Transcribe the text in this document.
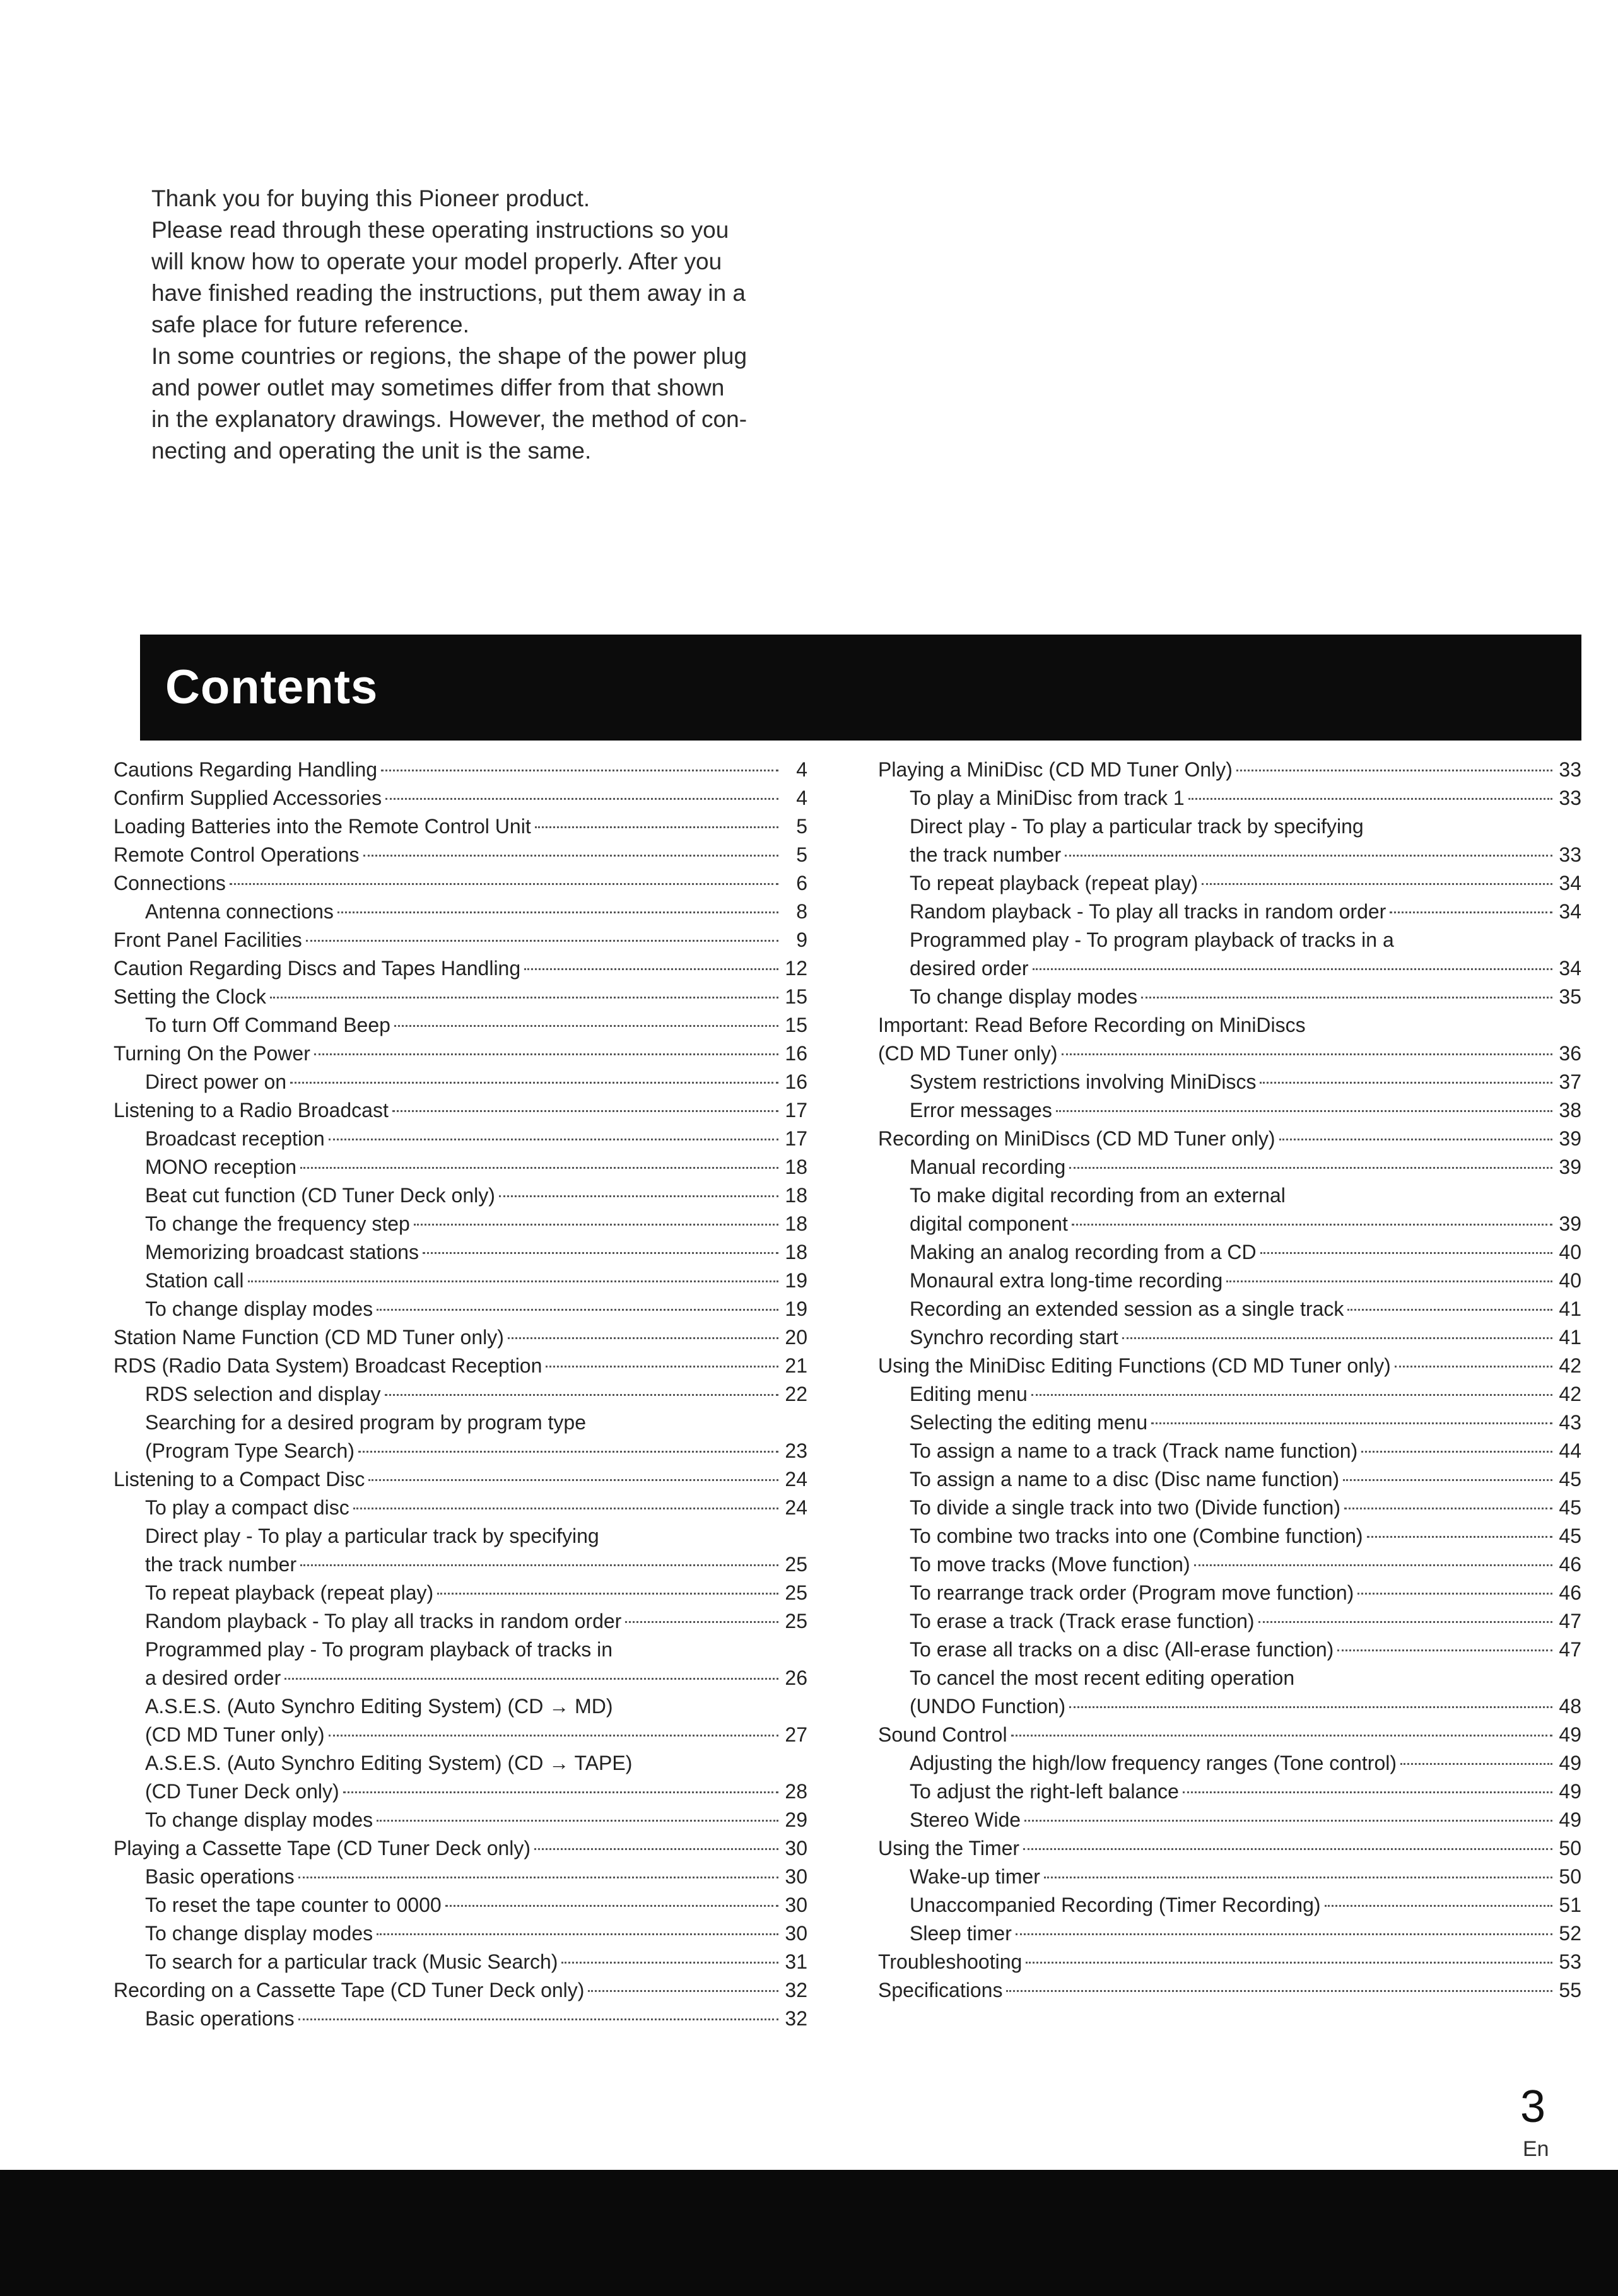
Thank you for buying this Pioneer product.

Please read through these operating instructions so you

will know how to operate your model properly. After you

have finished reading the instructions, put them away in a

safe place for future reference.

In some countries or regions, the shape of the power plug

and power outlet may sometimes differ from that shown

in the explanatory drawings. However, the method of con-

necting and operating the unit is the same.

Contents
Cautions Regarding Handling	4
Confirm Supplied Accessories	4
Loading Batteries into the Remote Control Unit	5
Remote Control Operations	5
Connections	6
Antenna connections	8
Front Panel Facilities	9
Caution Regarding Discs and Tapes Handling	12
Setting the Clock	15
To turn Off Command Beep	15
Turning On the Power	16
Direct power on	16
Listening to a Radio Broadcast	17
Broadcast reception	17
MONO reception	18
Beat cut function (CD Tuner Deck only)	18
To change the frequency step	18
Memorizing broadcast stations	18
Station call	19
To change display modes	19
Station Name Function (CD MD Tuner only)	20
RDS (Radio Data System) Broadcast Reception	21
RDS selection and display	22
Searching for a desired program by program type
(Program Type Search)	23
Listening to a Compact Disc	24
To play a compact disc	24
Direct play - To play a particular track by specifying
the track number	25
To repeat playback (repeat play)	25
Random playback - To play all tracks in random order	25
Programmed play - To program playback of tracks in
a desired order	26
A.S.E.S. (Auto Synchro Editing System) (CD → MD)
(CD MD Tuner only)	27
A.S.E.S. (Auto Synchro Editing System) (CD → TAPE)
(CD Tuner Deck only)	28
To change display modes	29
Playing a Cassette Tape (CD Tuner Deck only)	30
Basic operations	30
To reset the tape counter to 0000	30
To change display modes	30
To search for a particular track (Music Search)	31
Recording on a Cassette Tape (CD Tuner Deck only)	32
Basic operations	32
Playing a MiniDisc (CD MD Tuner Only)	33
To play a MiniDisc from track 1	33
Direct play - To play a particular track by specifying
the track number	33
To repeat playback (repeat play)	34
Random playback - To play all tracks in random order	34
Programmed play - To program playback of tracks in a
desired order	34
To change display modes	35
Important: Read Before Recording on MiniDiscs
(CD MD Tuner only)	36
System restrictions involving MiniDiscs	37
Error messages	38
Recording on MiniDiscs (CD MD Tuner only)	39
Manual recording	39
To make digital recording from an external
digital component	39
Making an analog recording from a CD	40
Monaural extra long-time recording	40
Recording an extended session as a single track	41
Synchro recording start	41
Using the MiniDisc Editing Functions (CD MD Tuner only)	42
Editing menu	42
Selecting the editing menu	43
To assign a name to a track (Track name function)	44
To assign a name to a disc (Disc name function)	45
To divide a single track into two (Divide function)	45
To combine two tracks into one (Combine function)	45
To move tracks (Move function)	46
To rearrange track order (Program move function)	46
To erase a track (Track erase function)	47
To erase all tracks on a disc (All-erase function)	47
To cancel the most recent editing operation
(UNDO Function)	48
Sound Control	49
Adjusting the high/low frequency ranges (Tone control)	49
To adjust the right-left balance	49
Stereo Wide	49
Using the Timer	50
Wake-up timer	50
Unaccompanied Recording (Timer Recording)	51
Sleep timer	52
Troubleshooting	53
Specifications	55
3
En
